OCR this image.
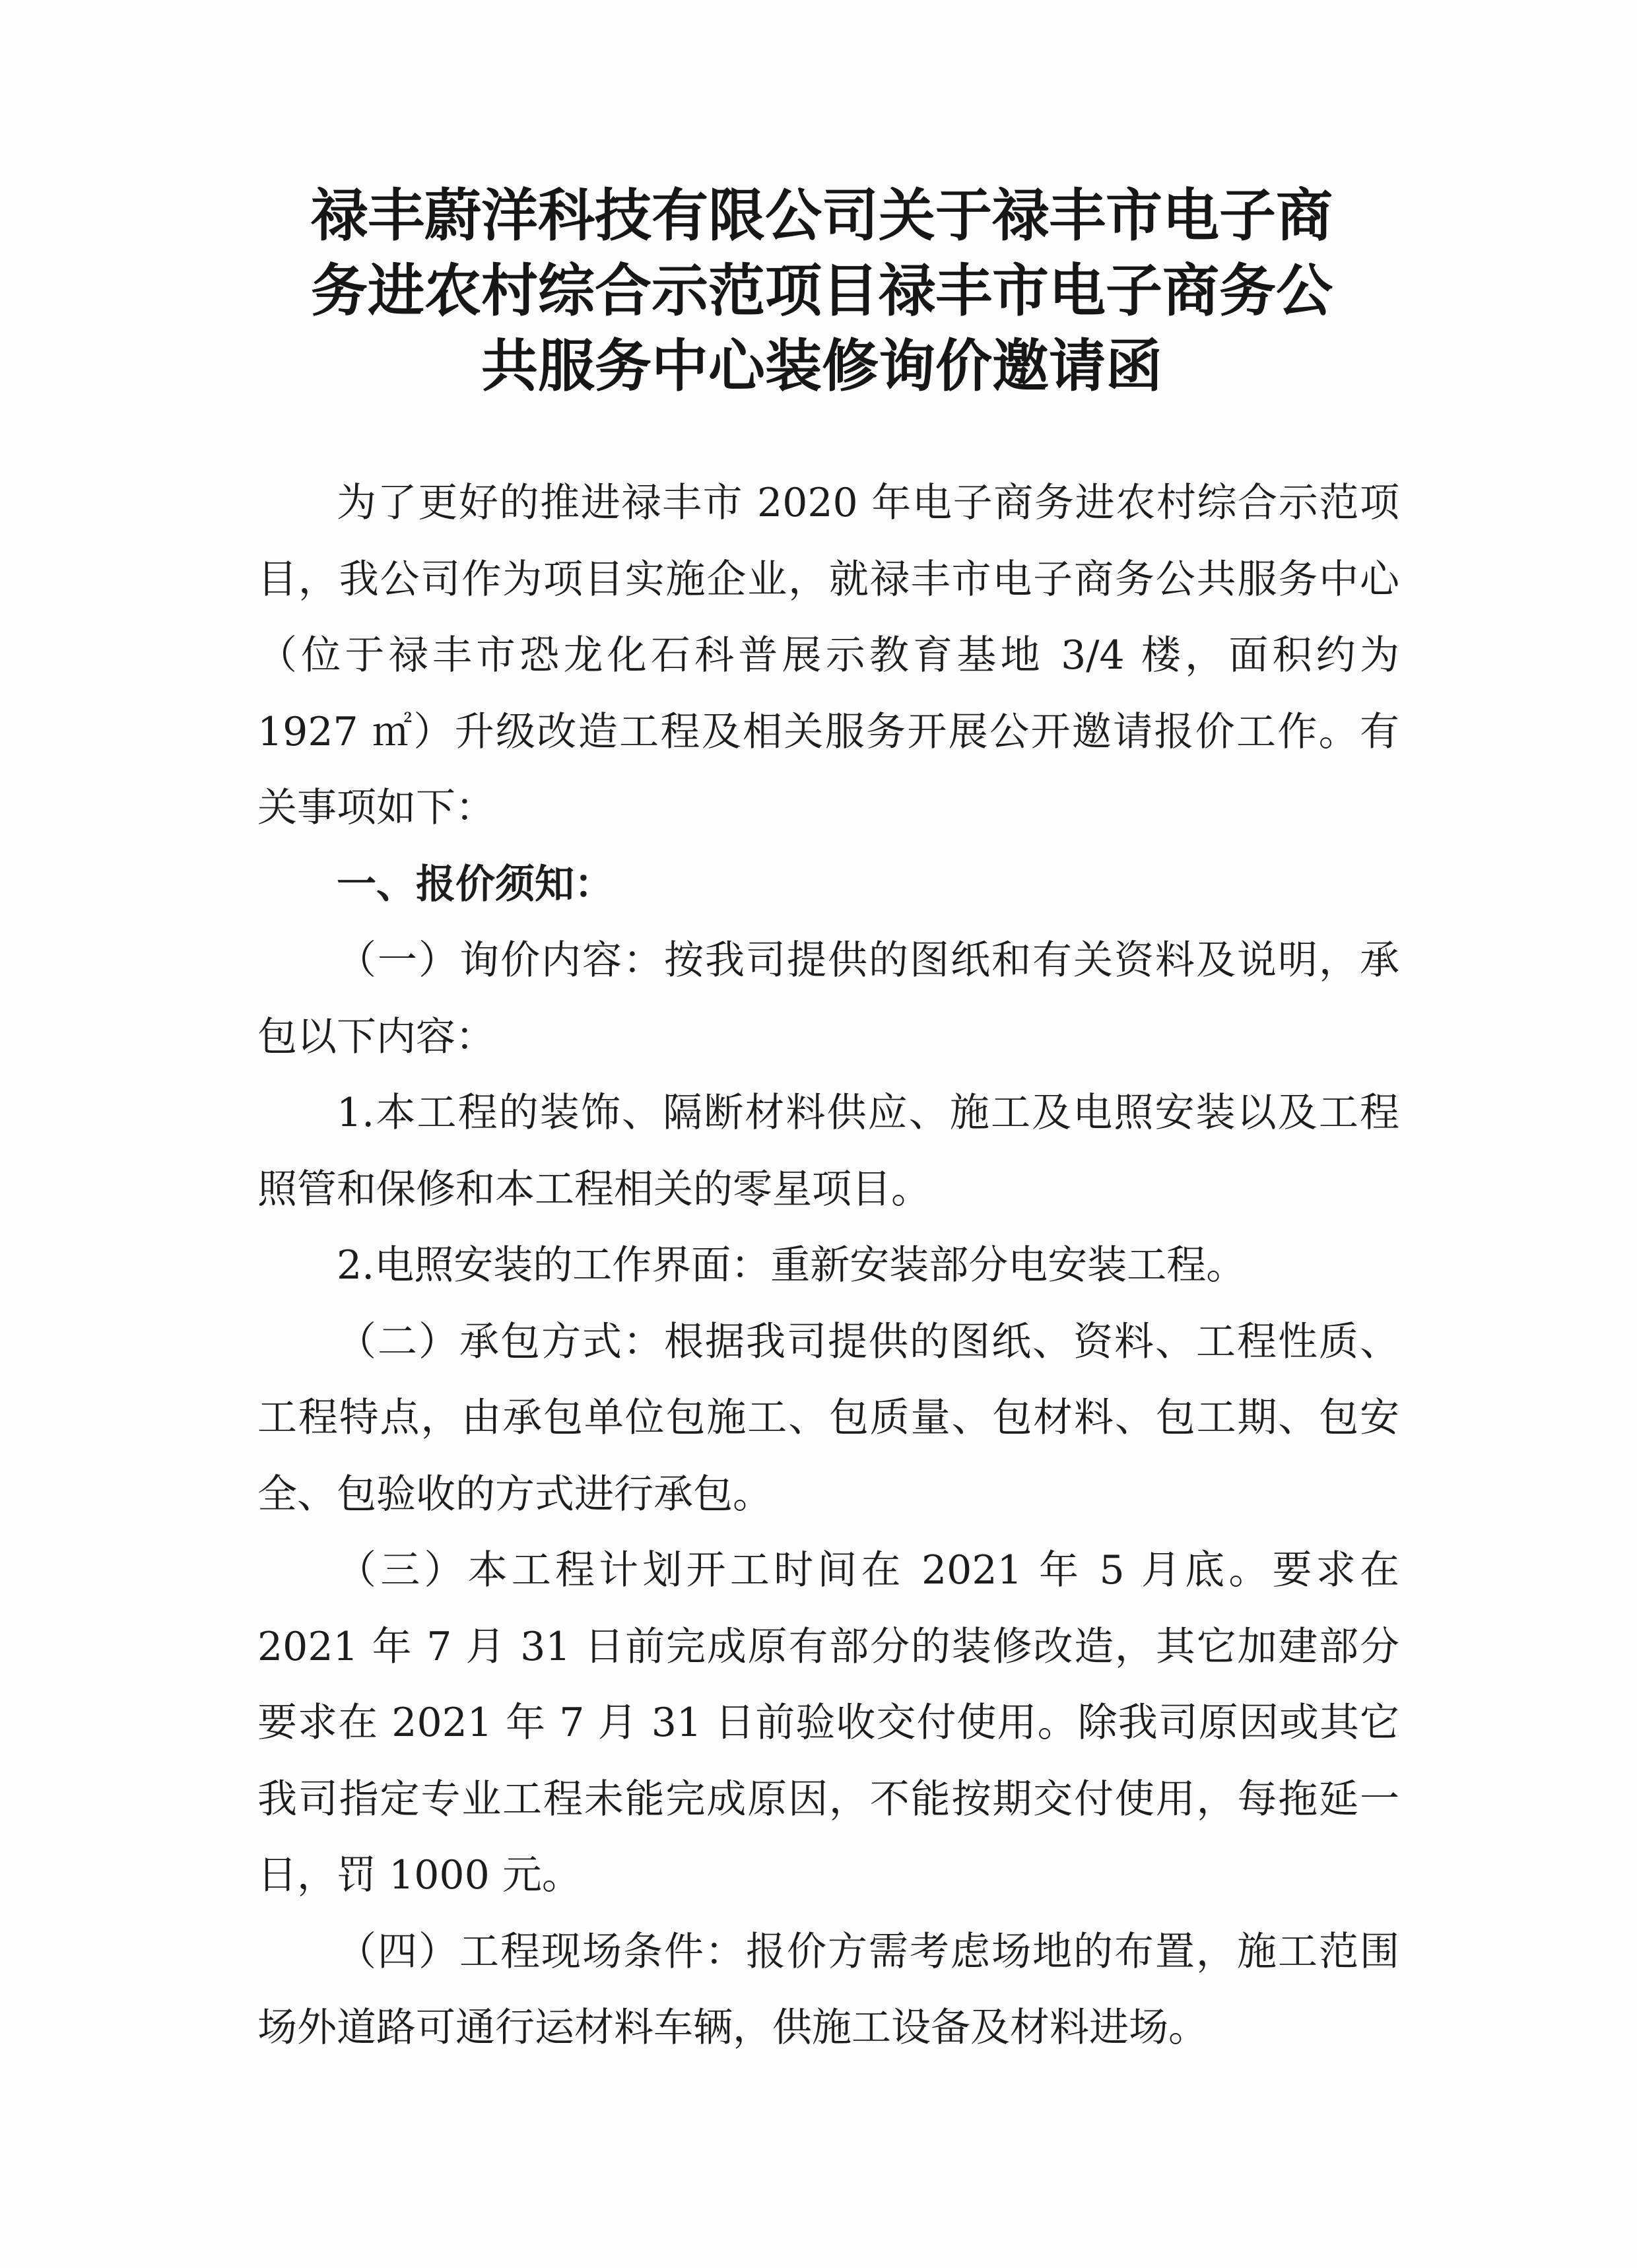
禄丰蔚洋科技有限公司关于禄丰市电子商
务进农村综合示范项目禄丰市电子商务公
共服务中心装修询价邀请函

为了更好的推进禄丰市 2020 年电子商务进农村综合示范项目，我公司作为项目实施企业，就禄丰市电子商务公共服务中心（位于禄丰市恐龙化石科普展示教育基地 3/4 楼，面积约为 1927 ㎡）升级改造工程及相关服务开展公开邀请报价工作。有关事项如下：

一、报价须知：

（一）询价内容：按我司提供的图纸和有关资料及说明，承包以下内容：

1.本工程的装饰、隔断材料供应、施工及电照安装以及工程照管和保修和本工程相关的零星项目。

2.电照安装的工作界面：重新安装部分电安装工程。

（二）承包方式：根据我司提供的图纸、资料、工程性质、工程特点，由承包单位包施工、包质量、包材料、包工期、包安全、包验收的方式进行承包。

（三）本工程计划开工时间在 2021 年 5 月底。要求在 2021 年 7 月 31 日前完成原有部分的装修改造，其它加建部分要求在 2021 年 7 月 31 日前验收交付使用。除我司原因或其它我司指定专业工程未能完成原因，不能按期交付使用，每拖延一日，罚 1000 元。

（四）工程现场条件：报价方需考虑场地的布置，施工范围场外道路可通行运材料车辆，供施工设备及材料进场。
